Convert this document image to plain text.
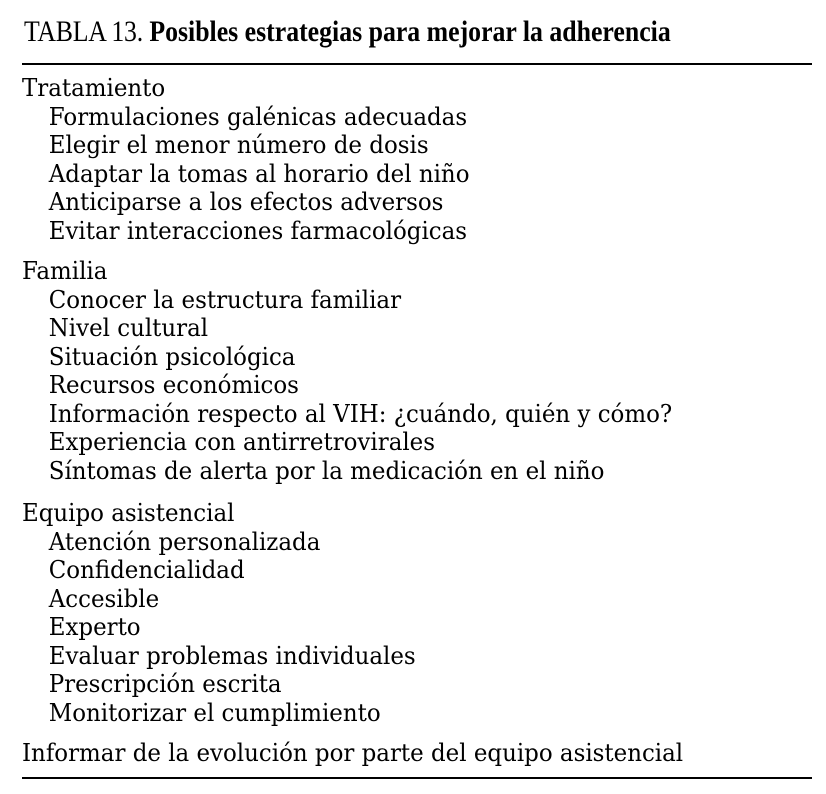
TABLA 13. Posibles estrategias para mejorar la adherencia
Tratamiento
Formulaciones galénicas adecuadas
Elegir el menor número de dosis
Adaptar la tomas al horario del niño
Anticiparse a los efectos adversos
Evitar interacciones farmacológicas
Familia
Conocer la estructura familiar
Nivel cultural
Situación psicológica
Recursos económicos
Información respecto al VIH: ¿cuándo, quién y cómo?
Experiencia con antirretrovirales
Síntomas de alerta por la medicación en el niño
Equipo asistencial
Atención personalizada
Confidencialidad
Accesible
Experto
Evaluar problemas individuales
Prescripción escrita
Monitorizar el cumplimiento
Informar de la evolución por parte del equipo asistencial
